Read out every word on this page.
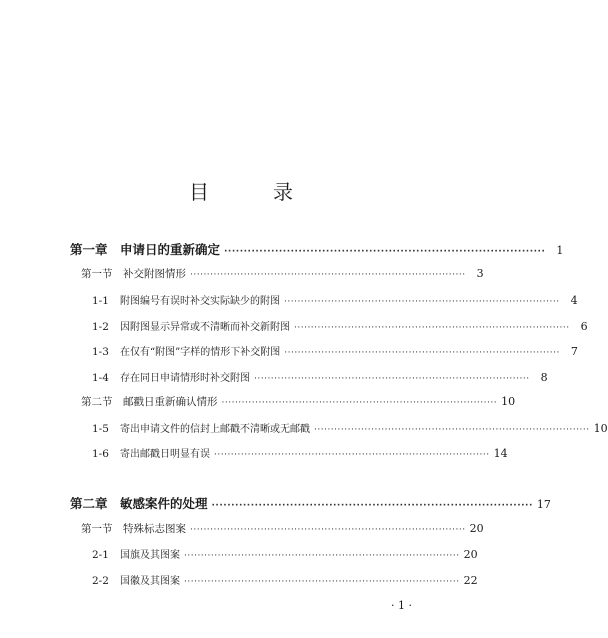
目　录
第一章 申请日的重新确定 ··················································································	1
第一节	补交附图情形 ··················································································	3
1-1	附图编号有误时补交实际缺少的附图 ··················································································	4
1-2	因附图显示异常或不清晰而补交新附图 ··················································································	6
1-3	在仅有“附图”字样的情形下补交附图 ··················································································	7
1-4	存在同日申请情形时补交附图 ··················································································	8
第二节	邮戳日重新确认情形 ·················································································· 10
1-5	寄出申请文件的信封上邮戳不清晰或无邮戳 ·················································································· 10
1-6	寄出邮戳日明显有误 ·················································································· 14
第二章 敏感案件的处理 ·················································································· 17
第一节	特殊标志图案 ·················································································· 20
2-1	国旗及其图案 ·················································································· 20
2-2	国徽及其图案 ·················································································· 22
· 1 ·
